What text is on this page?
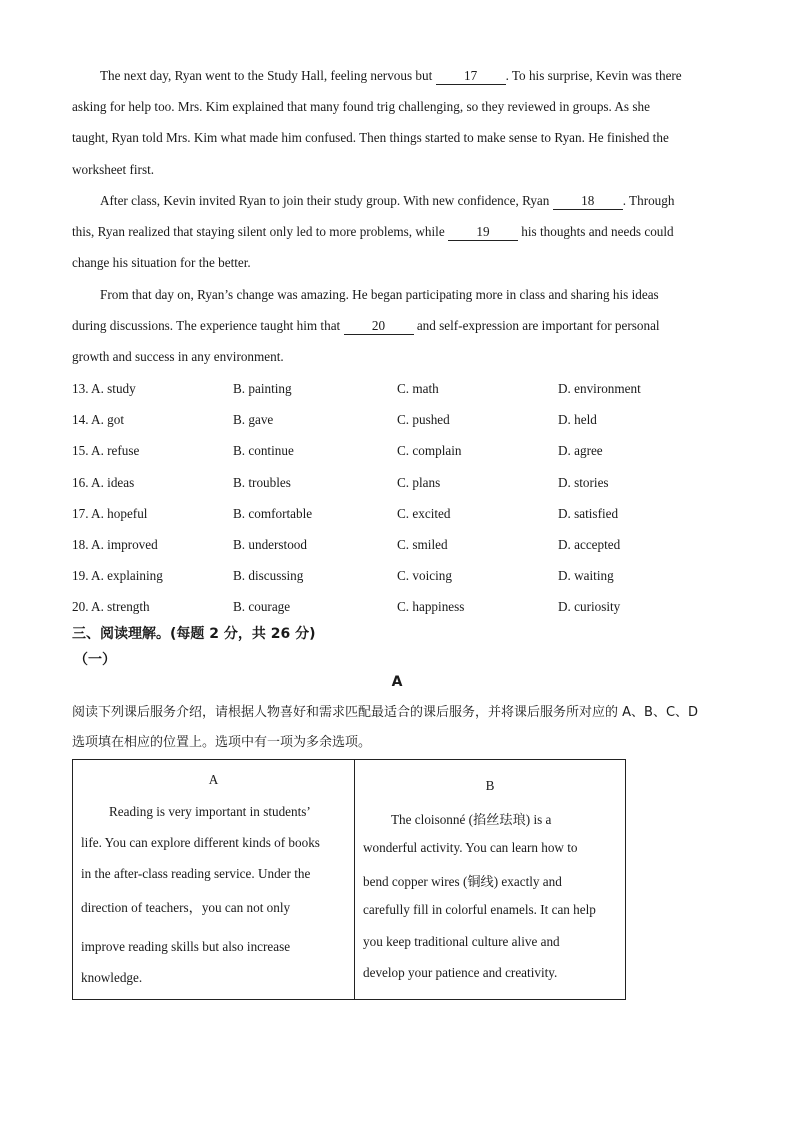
The next day, Ryan went to the Study Hall, feeling nervous but 17 . To his surprise, Kevin was there
asking for help too. Mrs. Kim explained that many found trig challenging, so they reviewed in groups. As she
taught, Ryan told Mrs. Kim what made him confused. Then things started to make sense to Ryan. He finished the
worksheet first.
After class, Kevin invited Ryan to join their study group. With new confidence, Ryan 18 . Through
this, Ryan realized that staying silent only led to more problems, while 19 his thoughts and needs could
change his situation for the better.
From that day on, Ryan’s change was amazing. He began participating more in class and sharing his ideas
during discussions. The experience taught him that 20 and self-expression are important for personal
growth and success in any environment.
13. A. study	B. painting	C. math	D. environment
14. A. got	B. gave	C. pushed	D. held
15. A. refuse	B. continue	C. complain	D. agree
16. A. ideas	B. troubles	C. plans	D. stories
17. A. hopeful	B. comfortable	C. excited	D. satisfied
18. A. improved	B. understood	C. smiled	D. accepted
19. A. explaining	B. discussing	C. voicing	D. waiting
20. A. strength	B. courage	C. happiness	D. curiosity
三、阅读理解。(每题 2 分，共 26 分)
（一）
A
阅读下列课后服务介绍，请根据人物喜好和需求匹配最适合的课后服务，并将课后服务所对应的 A、B、C、D
选项填在相应的位置上。选项中有一项为多余选项。
A
Reading is very important in students’
life. You can explore different kinds of books
in the after-class reading service. Under the
direction of teachers，you can not only
improve reading skills but also increase
knowledge.
B
The cloisonné (掐丝珐琅) is a
wonderful activity. You can learn how to
bend copper wires (铜线) exactly and
carefully fill in colorful enamels. It can help
you keep traditional culture alive and
develop your patience and creativity.
